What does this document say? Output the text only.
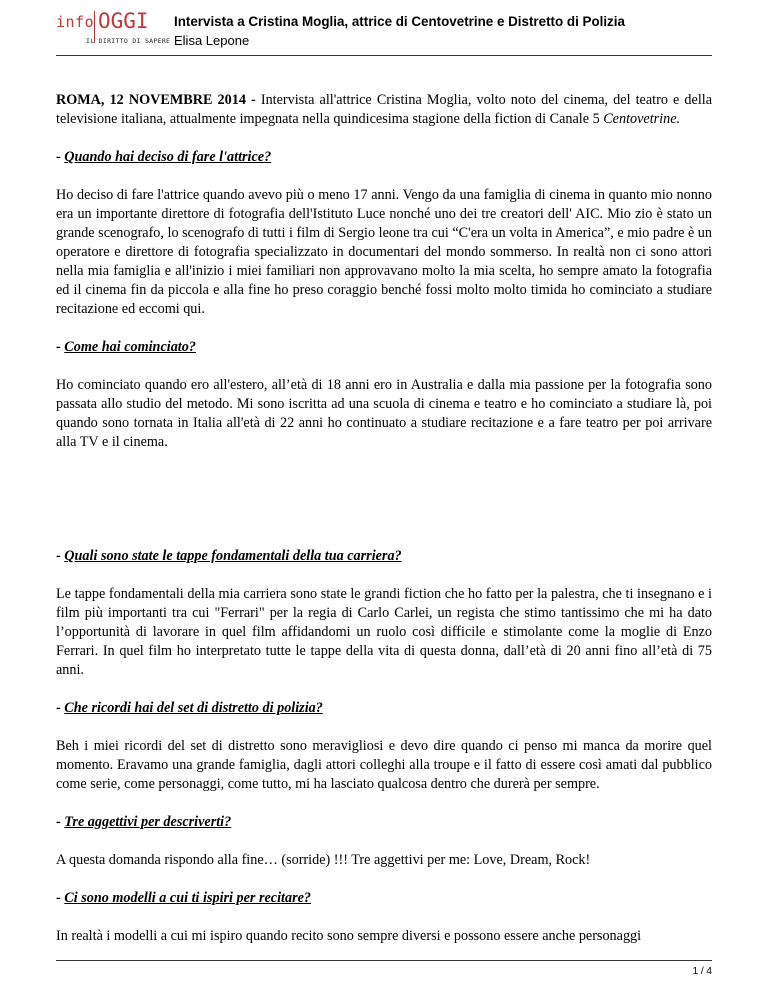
info OGGI
IL DIRITTO DI SAPERE
Intervista a Cristina Moglia, attrice di Centovetrine e Distretto di Polizia
Elisa Lepone

ROMA, 12 NOVEMBRE 2014 - Intervista all'attrice Cristina Moglia, volto noto del cinema, del teatro e della televisione italiana, attualmente impegnata nella quindicesima stagione della fiction di Canale 5 Centovetrine.

- Quando hai deciso di fare l'attrice?

Ho deciso di fare l'attrice quando avevo più o meno 17 anni. Vengo da una famiglia di cinema in quanto mio nonno era un importante direttore di fotografia dell'Istituto Luce nonché uno dei tre creatori dell' AIC. Mio zio è stato un grande scenografo, lo scenografo di tutti i film di Sergio leone tra cui “C'era un volta in America”, e mio padre è un operatore e direttore di fotografia specializzato in documentari del mondo sommerso. In realtà non ci sono attori nella mia famiglia e all'inizio i miei familiari non approvavano molto la mia scelta, ho sempre amato la fotografia ed il cinema fin da piccola e alla fine ho preso coraggio benché fossi molto molto timida ho cominciato a studiare recitazione ed eccomi qui.

- Come hai cominciato?

Ho cominciato quando ero all'estero, all’età di 18 anni ero in Australia e dalla mia passione per la fotografia sono passata allo studio del metodo. Mi sono iscritta ad una scuola di cinema e teatro e ho cominciato a studiare là, poi quando sono tornata in Italia all'età di 22 anni ho continuato a studiare recitazione e a fare teatro per poi arrivare alla TV e il cinema.

- Quali sono state le tappe fondamentali della tua carriera?

Le tappe fondamentali della mia carriera sono state le grandi fiction che ho fatto per la palestra, che ti insegnano e i film più importanti tra cui "Ferrari" per la regia di Carlo Carlei, un regista che stimo tantissimo che mi ha dato l’opportunità di lavorare in quel film affidandomi un ruolo così difficile e stimolante come la moglie di Enzo Ferrari. In quel film ho interpretato tutte le tappe della vita di questa donna, dall’età di 20 anni fino all’età di 75 anni.

- Che ricordi hai del set di distretto di polizia?

Beh i miei ricordi del set di distretto sono meravigliosi e devo dire quando ci penso mi manca da morire quel momento. Eravamo una grande famiglia, dagli attori colleghi alla troupe e il fatto di essere così amati dal pubblico come serie, come personaggi, come tutto, mi ha lasciato qualcosa dentro che durerà per sempre.

- Tre aggettivi per descriverti?

A questa domanda rispondo alla fine… (sorride) !!! Tre aggettivi per me: Love, Dream, Rock!

- Ci sono modelli a cui ti ispiri per recitare?

In realtà i modelli a cui mi ispiro quando recito sono sempre diversi e possono essere anche personaggi

1 / 4
